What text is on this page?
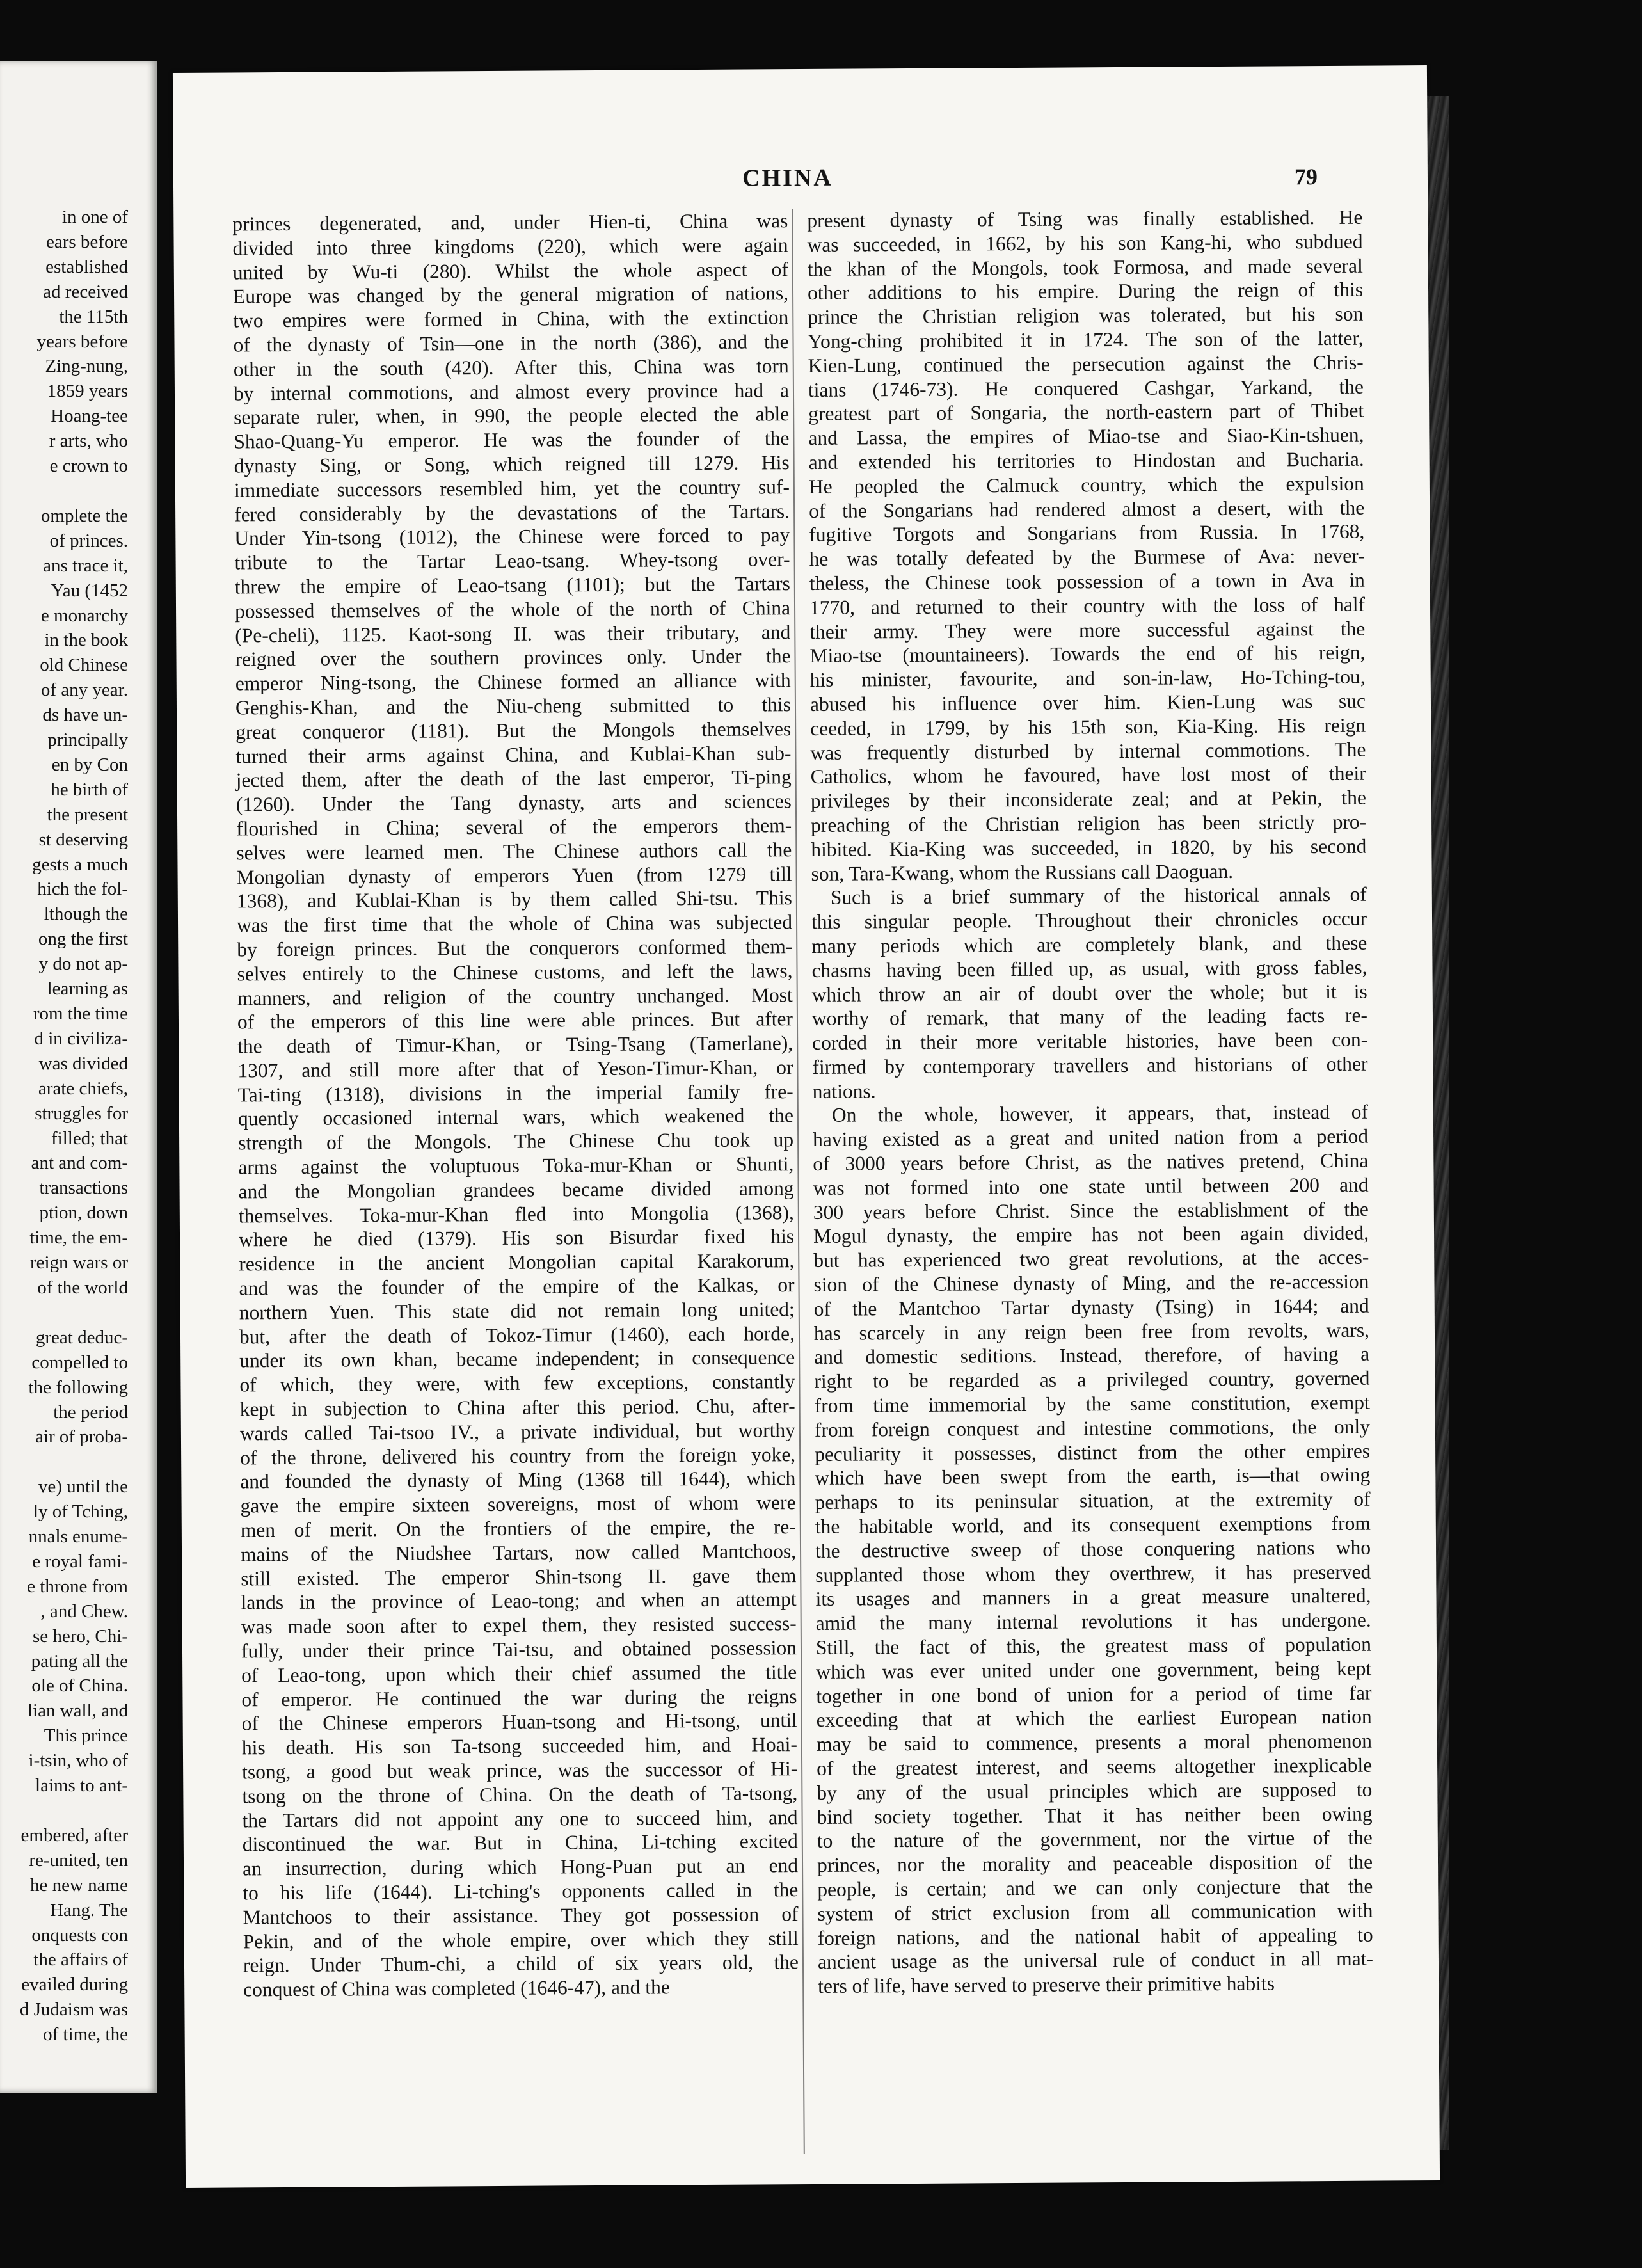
in one of
ears before
established
ad received
the 115th
years before
Zing-nung,
1859 years
Hoang-tee
r arts, who
e crown to

omplete the
of princes.
ans trace it,
Yau (1452
e monarchy
in the book
old Chinese
of any year.
ds have un-
principally
en by Con
he birth of
the present
st deserving
gests a much
hich the fol-
lthough the
ong the first
y do not ap-
learning as
rom the time
d in civiliza-
was divided
arate chiefs,
struggles for
filled; that
ant and com-
transactions
ption, down
time, the em-
reign wars or
of the world

great deduc-
compelled to
the following
the period
air of proba-

ve) until the
ly of Tching,
nnals enume-
e royal fami-
e throne from
, and Chew.
se hero, Chi-
pating all the
ole of China.
lian wall, and
This prince
i-tsin, who of
laims to ant-

embered, after
re-united, ten
he new name
Hang. The
onquests con
the affairs of
evailed during
d Judaism was
of time, the
CHINA	79

princes degenerated, and, under Hien-ti, China was
divided into three kingdoms (220), which were again
united by Wu-ti (280). Whilst the whole aspect of
Europe was changed by the general migration of nations,
two empires were formed in China, with the extinction
of the dynasty of Tsin—one in the north (386), and the
other in the south (420). After this, China was torn
by internal commotions, and almost every province had a
separate ruler, when, in 990, the people elected the able
Shao-Quang-Yu emperor. He was the founder of the
dynasty Sing, or Song, which reigned till 1279. His
immediate successors resembled him, yet the country suf-
fered considerably by the devastations of the Tartars.
Under Yin-tsong (1012), the Chinese were forced to pay
tribute to the Tartar Leao-tsang. Whey-tsong over-
threw the empire of Leao-tsang (1101); but the Tartars
possessed themselves of the whole of the north of China
(Pe-cheli), 1125. Kaot-song II. was their tributary, and
reigned over the southern provinces only. Under the
emperor Ning-tsong, the Chinese formed an alliance with
Genghis-Khan, and the Niu-cheng submitted to this
great conqueror (1181). But the Mongols themselves
turned their arms against China, and Kublai-Khan sub-
jected them, after the death of the last emperor, Ti-ping
(1260). Under the Tang dynasty, arts and sciences
flourished in China; several of the emperors them-
selves were learned men. The Chinese authors call the
Mongolian dynasty of emperors Yuen (from 1279 till
1368), and Kublai-Khan is by them called Shi-tsu. This
was the first time that the whole of China was subjected
by foreign princes. But the conquerors conformed them-
selves entirely to the Chinese customs, and left the laws,
manners, and religion of the country unchanged. Most
of the emperors of this line were able princes. But after
the death of Timur-Khan, or Tsing-Tsang (Tamerlane),
1307, and still more after that of Yeson-Timur-Khan, or
Tai-ting (1318), divisions in the imperial family fre-
quently occasioned internal wars, which weakened the
strength of the Mongols. The Chinese Chu took up
arms against the voluptuous Toka-mur-Khan or Shunti,
and the Mongolian grandees became divided among
themselves. Toka-mur-Khan fled into Mongolia (1368),
where he died (1379). His son Bisurdar fixed his
residence in the ancient Mongolian capital Karakorum,
and was the founder of the empire of the Kalkas, or
northern Yuen. This state did not remain long united;
but, after the death of Tokoz-Timur (1460), each horde,
under its own khan, became independent; in consequence
of which, they were, with few exceptions, constantly
kept in subjection to China after this period. Chu, after-
wards called Tai-tsoo IV., a private individual, but worthy
of the throne, delivered his country from the foreign yoke,
and founded the dynasty of Ming (1368 till 1644), which
gave the empire sixteen sovereigns, most of whom were
men of merit. On the frontiers of the empire, the re-
mains of the Niudshee Tartars, now called Mantchoos,
still existed. The emperor Shin-tsong II. gave them
lands in the province of Leao-tong; and when an attempt
was made soon after to expel them, they resisted success-
fully, under their prince Tai-tsu, and obtained possession
of Leao-tong, upon which their chief assumed the title
of emperor. He continued the war during the reigns
of the Chinese emperors Huan-tsong and Hi-tsong, until
his death. His son Ta-tsong succeeded him, and Hoai-
tsong, a good but weak prince, was the successor of Hi-
tsong on the throne of China. On the death of Ta-tsong,
the Tartars did not appoint any one to succeed him, and
discontinued the war. But in China, Li-tching excited
an insurrection, during which Hong-Puan put an end
to his life (1644). Li-tching's opponents called in the
Mantchoos to their assistance. They got possession of
Pekin, and of the whole empire, over which they still
reign. Under Thum-chi, a child of six years old, the
conquest of China was completed (1646-47), and the

present dynasty of Tsing was finally established. He
was succeeded, in 1662, by his son Kang-hi, who subdued
the khan of the Mongols, took Formosa, and made several
other additions to his empire. During the reign of this
prince the Christian religion was tolerated, but his son
Yong-ching prohibited it in 1724. The son of the latter,
Kien-Lung, continued the persecution against the Chris-
tians (1746-73). He conquered Cashgar, Yarkand, the
greatest part of Songaria, the north-eastern part of Thibet
and Lassa, the empires of Miao-tse and Siao-Kin-tshuen,
and extended his territories to Hindostan and Bucharia.
He peopled the Calmuck country, which the expulsion
of the Songarians had rendered almost a desert, with the
fugitive Torgots and Songarians from Russia. In 1768,
he was totally defeated by the Burmese of Ava: never-
theless, the Chinese took possession of a town in Ava in
1770, and returned to their country with the loss of half
their army. They were more successful against the
Miao-tse (mountaineers). Towards the end of his reign,
his minister, favourite, and son-in-law, Ho-Tching-tou,
abused his influence over him. Kien-Lung was suc
ceeded, in 1799, by his 15th son, Kia-King. His reign
was frequently disturbed by internal commotions. The
Catholics, whom he favoured, have lost most of their
privileges by their inconsiderate zeal; and at Pekin, the
preaching of the Christian religion has been strictly pro-
hibited. Kia-King was succeeded, in 1820, by his second
son, Tara-Kwang, whom the Russians call Daoguan.

Such is a brief summary of the historical annals of
this singular people. Throughout their chronicles occur
many periods which are completely blank, and these
chasms having been filled up, as usual, with gross fables,
which throw an air of doubt over the whole; but it is
worthy of remark, that many of the leading facts re-
corded in their more veritable histories, have been con-
firmed by contemporary travellers and historians of other
nations.

On the whole, however, it appears, that, instead of
having existed as a great and united nation from a period
of 3000 years before Christ, as the natives pretend, China
was not formed into one state until between 200 and
300 years before Christ. Since the establishment of the
Mogul dynasty, the empire has not been again divided,
but has experienced two great revolutions, at the acces-
sion of the Chinese dynasty of Ming, and the re-accession
of the Mantchoo Tartar dynasty (Tsing) in 1644; and
has scarcely in any reign been free from revolts, wars,
and domestic seditions. Instead, therefore, of having a
right to be regarded as a privileged country, governed
from time immemorial by the same constitution, exempt
from foreign conquest and intestine commotions, the only
peculiarity it possesses, distinct from the other empires
which have been swept from the earth, is—that owing
perhaps to its peninsular situation, at the extremity of
the habitable world, and its consequent exemptions from
the destructive sweep of those conquering nations who
supplanted those whom they overthrew, it has preserved
its usages and manners in a great measure unaltered,
amid the many internal revolutions it has undergone.
Still, the fact of this, the greatest mass of population
which was ever united under one government, being kept
together in one bond of union for a period of time far
exceeding that at which the earliest European nation
may be said to commence, presents a moral phenomenon
of the greatest interest, and seems altogether inexplicable
by any of the usual principles which are supposed to
bind society together. That it has neither been owing
to the nature of the government, nor the virtue of the
princes, nor the morality and peaceable disposition of the
people, is certain; and we can only conjecture that the
system of strict exclusion from all communication with
foreign nations, and the national habit of appealing to
ancient usage as the universal rule of conduct in all mat-
ters of life, have served to preserve their primitive habits
